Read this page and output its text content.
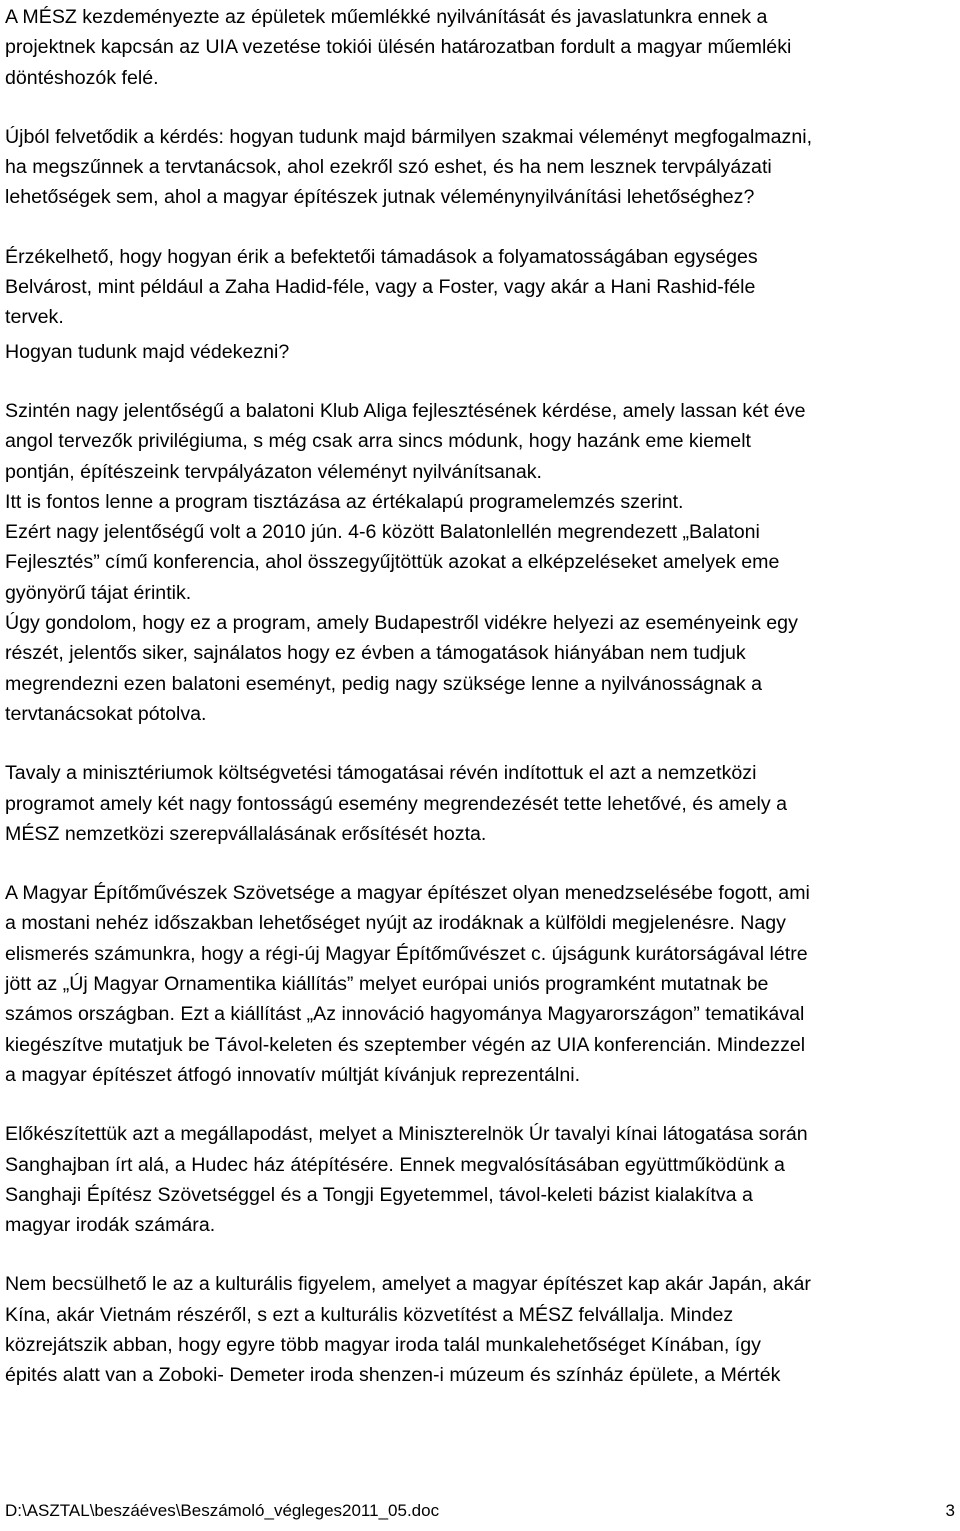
A MÉSZ kezdeményezte az épületek műemlékké nyilvánítását és javaslatunkra ennek a
projektnek kapcsán az UIA vezetése tokiói ülésén határozatban fordult a magyar műemléki
döntéshozók felé.
Újból felvetődik a kérdés: hogyan tudunk majd bármilyen szakmai véleményt megfogalmazni,
ha megszűnnek a tervtanácsok, ahol ezekről szó eshet, és ha nem lesznek tervpályázati
lehetőségek sem, ahol a magyar építészek jutnak véleménynyilvánítási lehetőséghez?
Érzékelhető, hogy hogyan érik a befektetői támadások a folyamatosságában egységes
Belvárost, mint például a Zaha Hadid-féle, vagy a Foster, vagy akár a Hani Rashid-féle
tervek.
Hogyan tudunk majd védekezni?
Szintén nagy jelentőségű a balatoni Klub Aliga fejlesztésének kérdése, amely lassan két éve
angol tervezők privilégiuma, s még csak arra sincs módunk, hogy hazánk eme kiemelt
pontján, építészeink tervpályázaton véleményt nyilvánítsanak.
Itt is fontos lenne a program tisztázása az értékalapú programelemzés szerint.
Ezért nagy jelentőségű volt a 2010 jún. 4-6 között Balatonlellén megrendezett „Balatoni
Fejlesztés” című konferencia, ahol összegyűjtöttük azokat a elképzeléseket amelyek eme
gyönyörű tájat érintik.
Úgy gondolom, hogy ez a program, amely Budapestről vidékre helyezi az eseményeink egy
részét, jelentős siker, sajnálatos hogy ez évben a támogatások hiányában nem tudjuk
megrendezni ezen balatoni eseményt, pedig nagy szüksége lenne a nyilvánosságnak a
tervtanácsokat pótolva.
Tavaly a minisztériumok költségvetési támogatásai révén indítottuk el azt a nemzetközi
programot amely két nagy fontosságú esemény megrendezését tette lehetővé, és amely a
MÉSZ nemzetközi szerepvállalásának erősítését hozta.
A Magyar Építőművészek Szövetsége a magyar építészet olyan menedzselésébe fogott, ami
a mostani nehéz időszakban lehetőséget nyújt az irodáknak a külföldi megjelenésre. Nagy
elismerés számunkra, hogy a régi-új Magyar Építőművészet c. újságunk kurátorságával létre
jött az „Új Magyar Ornamentika kiállítás” melyet európai uniós programként mutatnak be
számos országban. Ezt a kiállítást „Az innováció hagyománya Magyarországon” tematikával
kiegészítve mutatjuk be Távol-keleten és szeptember végén az UIA konferencián. Mindezzel
a magyar építészet átfogó innovatív múltját kívánjuk reprezentálni.
Előkészítettük azt a megállapodást, melyet a Miniszterelnök Úr tavalyi kínai látogatása során
Sanghajban írt alá, a Hudec ház átépítésére. Ennek megvalósításában együttműködünk a
Sanghaji Építész Szövetséggel és a Tongji Egyetemmel, távol-keleti bázist kialakítva a
magyar irodák számára.
Nem becsülhető le az a kulturális figyelem, amelyet a magyar építészet kap akár Japán, akár
Kína, akár Vietnám részéről, s ezt a kulturális közvetítést a MÉSZ felvállalja. Mindez
közrejátszik abban, hogy egyre több magyar iroda talál munkalehetőséget Kínában, így
épités alatt van a Zoboki- Demeter iroda shenzen-i múzeum és színház épülete, a Mérték
D:\ASZTAL\beszáéves\Beszámoló_végleges2011_05.doc	3
